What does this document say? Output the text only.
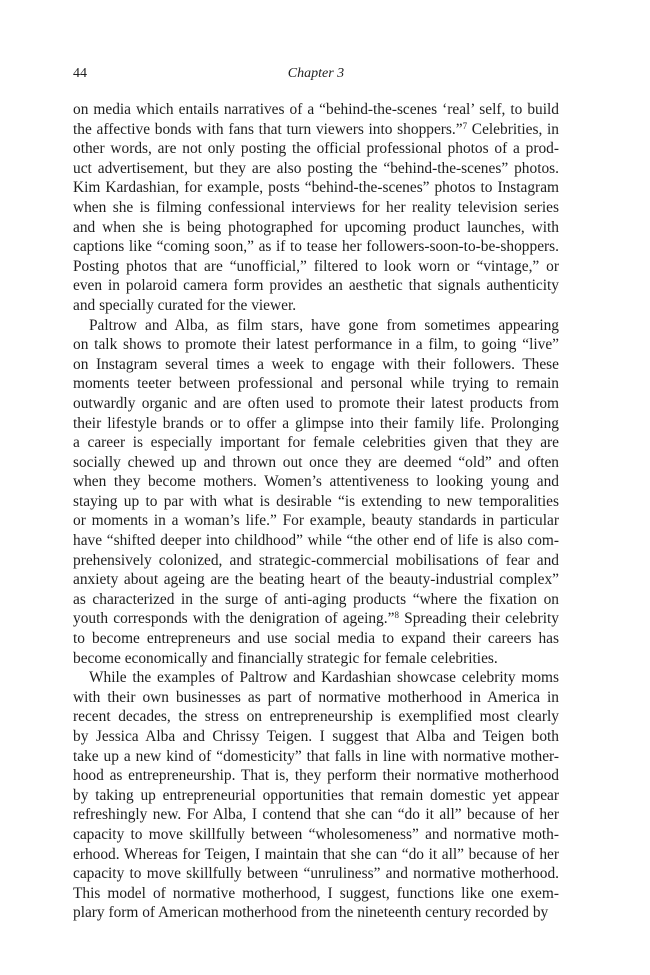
44	Chapter 3
on media which entails narratives of a “behind-the-scenes ‘real’ self, to build
the affective bonds with fans that turn viewers into shoppers.”$^7$ Celebrities, in
other words, are not only posting the official professional photos of a prod-
uct advertisement, but they are also posting the “behind-the-scenes” photos.
Kim Kardashian, for example, posts “behind-the-scenes” photos to Instagram
when she is filming confessional interviews for her reality television series
and when she is being photographed for upcoming product launches, with
captions like “coming soon,” as if to tease her followers-soon-to-be-shoppers.
Posting photos that are “unofficial,” filtered to look worn or “vintage,” or
even in polaroid camera form provides an aesthetic that signals authenticity
and specially curated for the viewer.
Paltrow and Alba, as film stars, have gone from sometimes appearing
on talk shows to promote their latest performance in a film, to going “live”
on Instagram several times a week to engage with their followers. These
moments teeter between professional and personal while trying to remain
outwardly organic and are often used to promote their latest products from
their lifestyle brands or to offer a glimpse into their family life. Prolonging
a career is especially important for female celebrities given that they are
socially chewed up and thrown out once they are deemed “old” and often
when they become mothers. Women’s attentiveness to looking young and
staying up to par with what is desirable “is extending to new temporalities
or moments in a woman’s life.” For example, beauty standards in particular
have “shifted deeper into childhood” while “the other end of life is also com-
prehensively colonized, and strategic-commercial mobilisations of fear and
anxiety about ageing are the beating heart of the beauty-industrial complex”
as characterized in the surge of anti-aging products “where the fixation on
youth corresponds with the denigration of ageing.”$^8$ Spreading their celebrity
to become entrepreneurs and use social media to expand their careers has
become economically and financially strategic for female celebrities.
While the examples of Paltrow and Kardashian showcase celebrity moms
with their own businesses as part of normative motherhood in America in
recent decades, the stress on entrepreneurship is exemplified most clearly
by Jessica Alba and Chrissy Teigen. I suggest that Alba and Teigen both
take up a new kind of “domesticity” that falls in line with normative mother-
hood as entrepreneurship. That is, they perform their normative motherhood
by taking up entrepreneurial opportunities that remain domestic yet appear
refreshingly new. For Alba, I contend that she can “do it all” because of her
capacity to move skillfully between “wholesomeness” and normative moth-
erhood. Whereas for Teigen, I maintain that she can “do it all” because of her
capacity to move skillfully between “unruliness” and normative motherhood.
This model of normative motherhood, I suggest, functions like one exem-
plary form of American motherhood from the nineteenth century recorded by
